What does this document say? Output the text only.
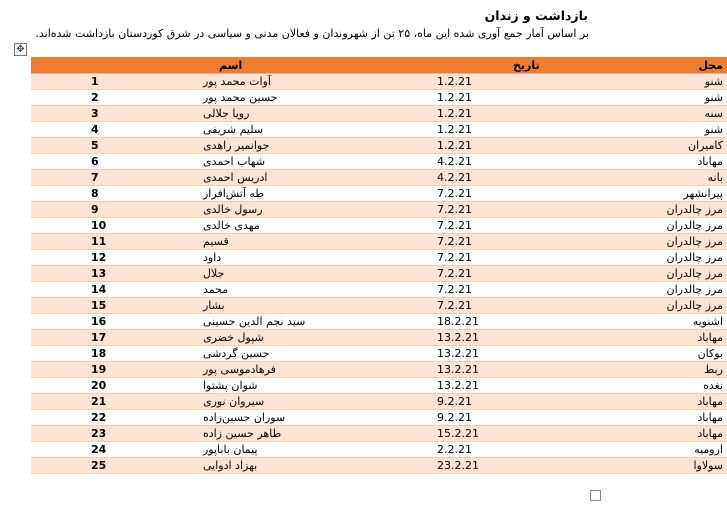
بازداشت و زندان
بر اساس آمار جمع آوری شده این ماه، ۲۵ تن از شهروندان و فعالان مدنی و سیاسی در شرق کوردستان بازداشت شده‌اند.
✥
محل	تاریخ	اسم	
شنو	1.2.21	آوات محمد پور	1
شنو	1.2.21	حسین محمد پور	2
سنه	1.2.21	رویا جلالی	3
شنو	1.2.21	سلیم شریفی	4
کامیران	1.2.21	جوانمیر زاهدی	5
مهاباد	4.2.21	شهاب احمدی	6
بانه	4.2.21	ادریس احمدی	7
پیرانشهر	7.2.21	طه آتش‌افراز	8
مرز چالدران	7.2.21	رسول خالدی	9
مرز چالدران	7.2.21	مهدی خالدی	10
مرز چالدران	7.2.21	قسیم	11
مرز چالدران	7.2.21	داود	12
مرز چالدران	7.2.21	جلال	13
مرز چالدران	7.2.21	محمد	14
مرز چالدران	7.2.21	بشار	15
اشنویه	18.2.21	سید نجم الدین حسینی	16
مهاباد	13.2.21	شپول خضری	17
بوکان	13.2.21	حسین گردشی	18
ربط	13.2.21	فرهادموسی پور	19
نغده	13.2.21	شوان پشتوا	20
مهاباد	9.2.21	سیروان نوری	21
مهاباد	9.2.21	سوران حسین‌زاده	22
مهاباد	15.2.21	طاهر حسین زاده	23
ارومیه	2.2.21	پیمان باباپور	24
سولاوا	23.2.21	بهزاد ادوایی	25
